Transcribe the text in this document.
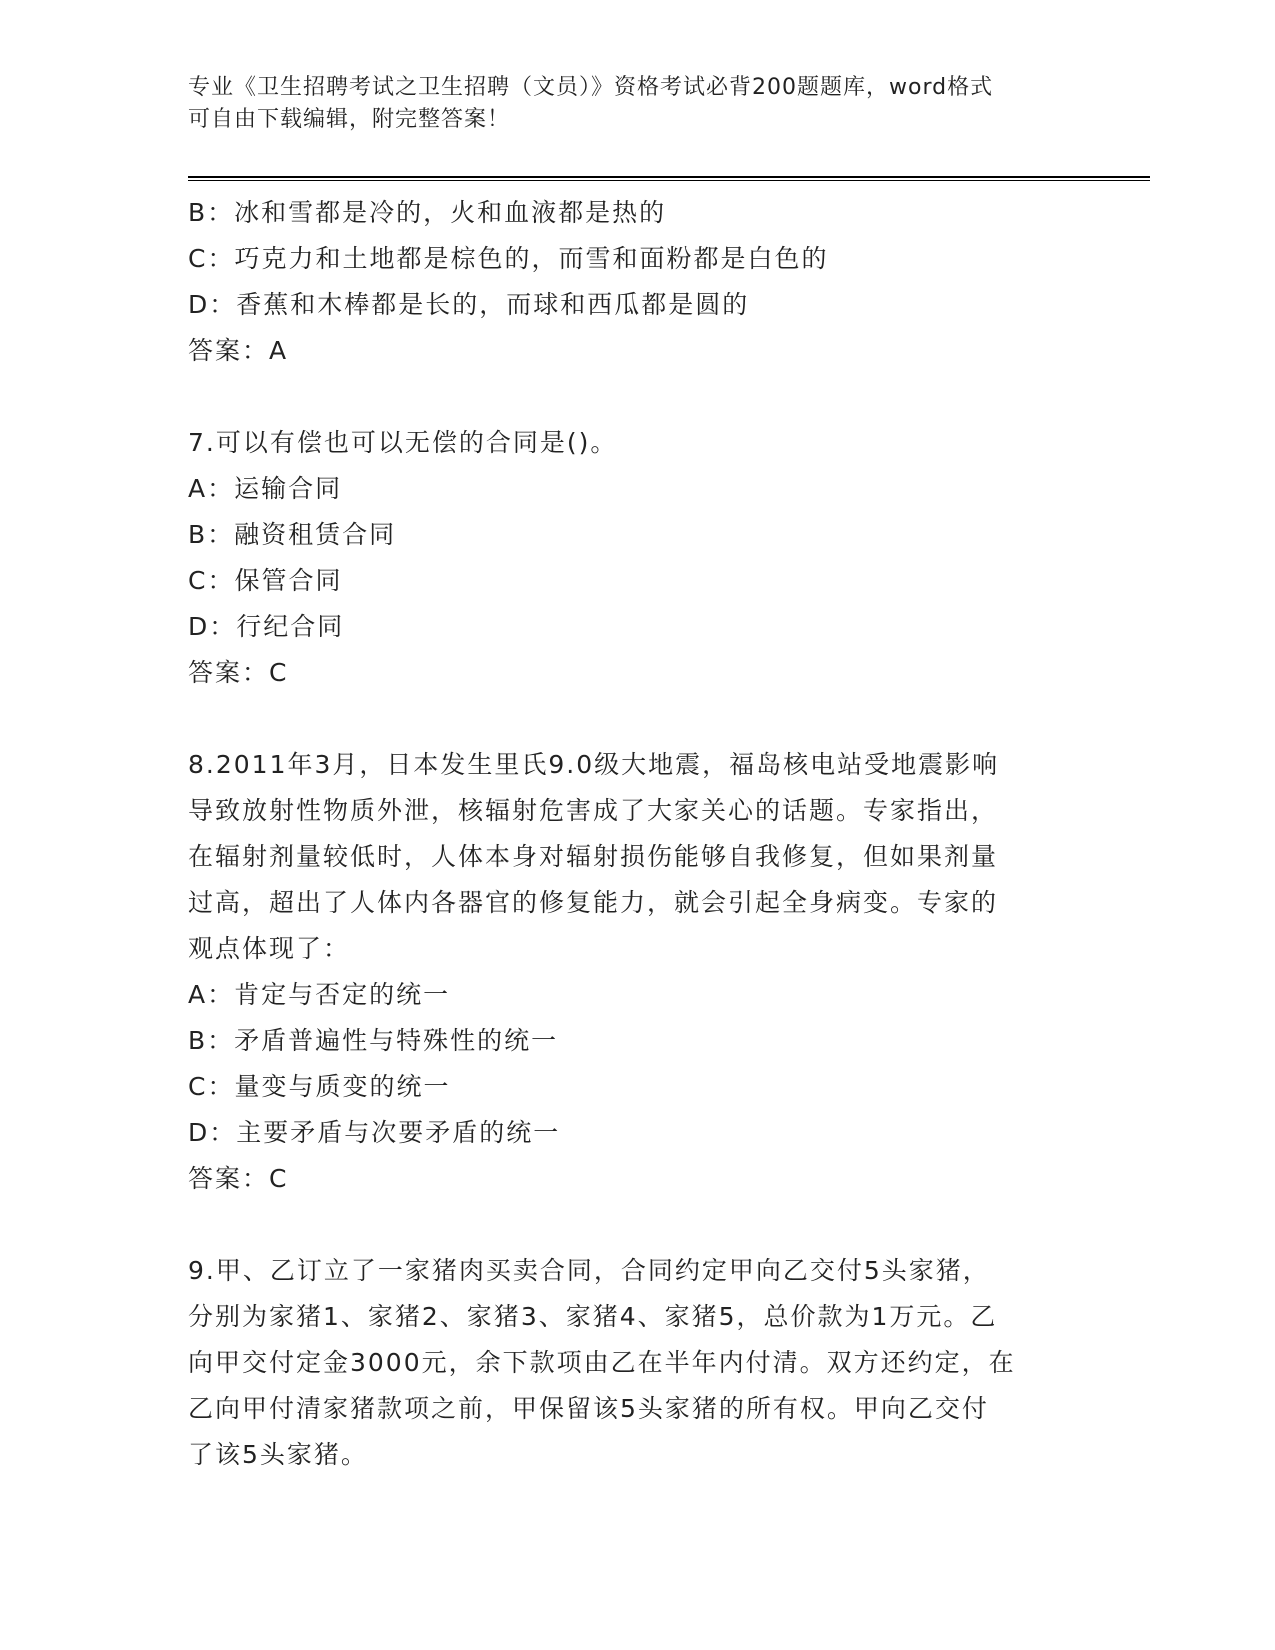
专业《卫生招聘考试之卫生招聘（文员）》资格考试必背200题题库，word格式
可自由下载编辑，附完整答案！
B：冰和雪都是冷的，火和血液都是热的
C：巧克力和土地都是棕色的，而雪和面粉都是白色的
D：香蕉和木棒都是长的，而球和西瓜都是圆的
答案：A
7.可以有偿也可以无偿的合同是()。
A：运输合同
B：融资租赁合同
C：保管合同
D：行纪合同
答案：C
8.2011年3月，日本发生里氏9.0级大地震，福岛核电站受地震影响
导致放射性物质外泄，核辐射危害成了大家关心的话题。专家指出，
在辐射剂量较低时，人体本身对辐射损伤能够自我修复，但如果剂量
过高，超出了人体内各器官的修复能力，就会引起全身病变。专家的
观点体现了：
A：肯定与否定的统一
B：矛盾普遍性与特殊性的统一
C：量变与质变的统一
D：主要矛盾与次要矛盾的统一
答案：C
9.甲、乙订立了一家猪肉买卖合同，合同约定甲向乙交付5头家猪，
分别为家猪1、家猪2、家猪3、家猪4、家猪5，总价款为1万元。乙
向甲交付定金3000元，余下款项由乙在半年内付清。双方还约定，在
乙向甲付清家猪款项之前，甲保留该5头家猪的所有权。甲向乙交付
了该5头家猪。
